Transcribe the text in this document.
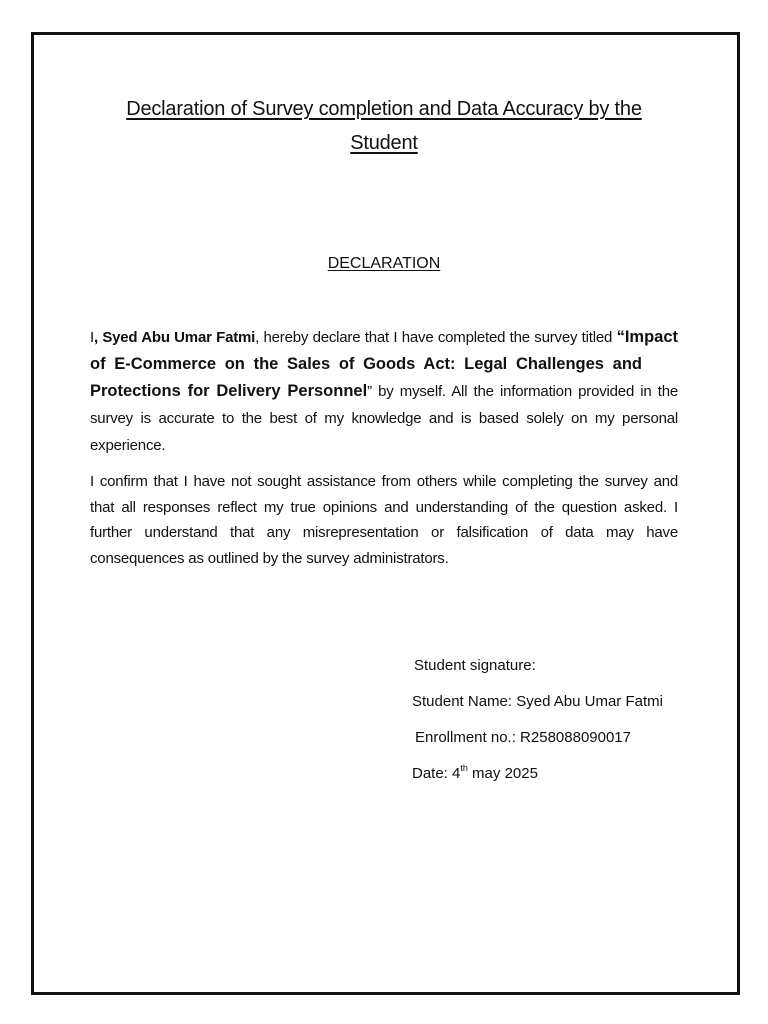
Declaration of Survey completion and Data Accuracy by the Student
DECLARATION

I, Syed Abu Umar Fatmi, hereby declare that I have completed the survey titled “Impact of E-Commerce on the Sales of Goods Act: Legal Challenges andProtections for Delivery Personnel” by myself. All the information provided in the survey is accurate to the best of my knowledge and is based solely on my personal experience.

I confirm that I have not sought assistance from others while completing the survey and that all responses reflect my true opinions and understanding of the question asked. I further understand that any misrepresentation or falsification of data may have consequences as outlined by the survey administrators.

Student signature:
Student Name: Syed Abu Umar Fatmi
Enrollment no.: R258088090017
Date: 4th may 2025
